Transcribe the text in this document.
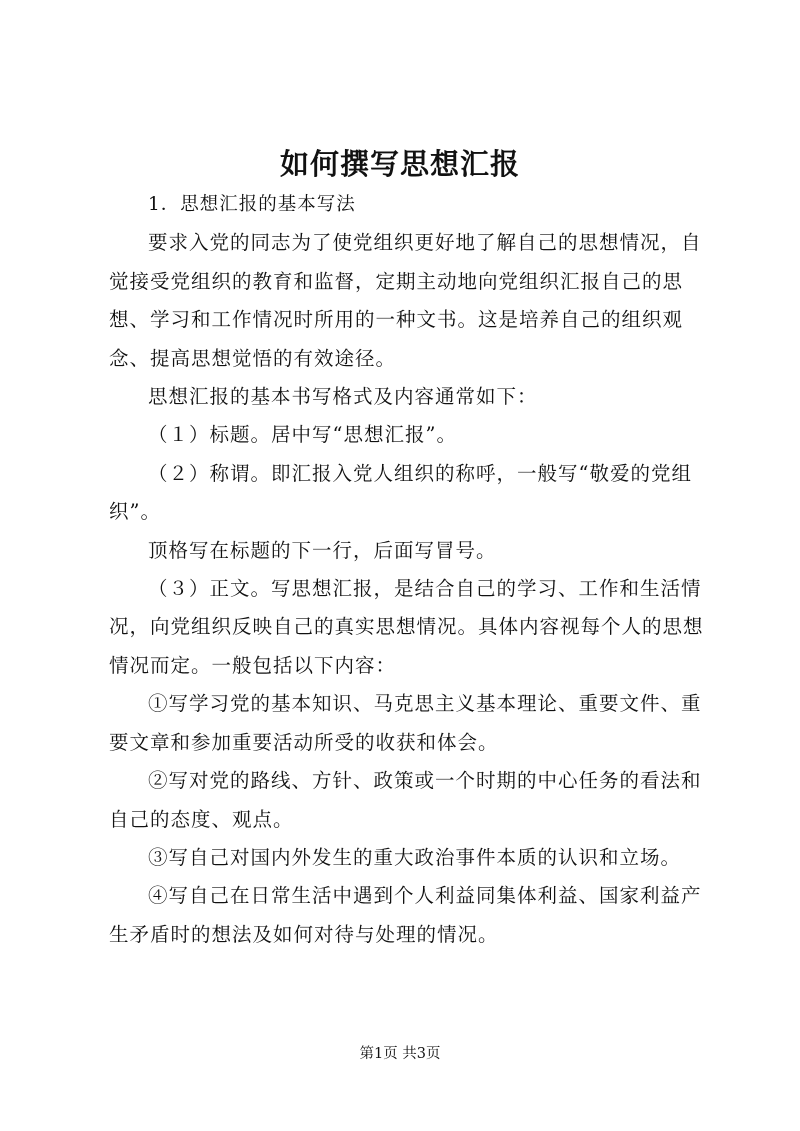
如何撰写思想汇报

1．思想汇报的基本写法

要求入党的同志为了使党组织更好地了解自己的思想情况，自觉接受党组织的教育和监督，定期主动地向党组织汇报自己的思想、学习和工作情况时所用的一种文书。这是培养自己的组织观念、提高思想觉悟的有效途径。

思想汇报的基本书写格式及内容通常如下：

（１）标题。居中写“思想汇报”。

（２）称谓。即汇报入党人组织的称呼，一般写“敬爱的党组织”。

顶格写在标题的下一行，后面写冒号。

（３）正文。写思想汇报，是结合自己的学习、工作和生活情况，向党组织反映自己的真实思想情况。具体内容视每个人的思想情况而定。一般包括以下内容：

①写学习党的基本知识、马克思主义基本理论、重要文件、重要文章和参加重要活动所受的收获和体会。

②写对党的路线、方针、政策或一个时期的中心任务的看法和自己的态度、观点。

③写自己对国内外发生的重大政治事件本质的认识和立场。

④写自己在日常生活中遇到个人利益同集体利益、国家利益产生矛盾时的想法及如何对待与处理的情况。

第1页 共3页
